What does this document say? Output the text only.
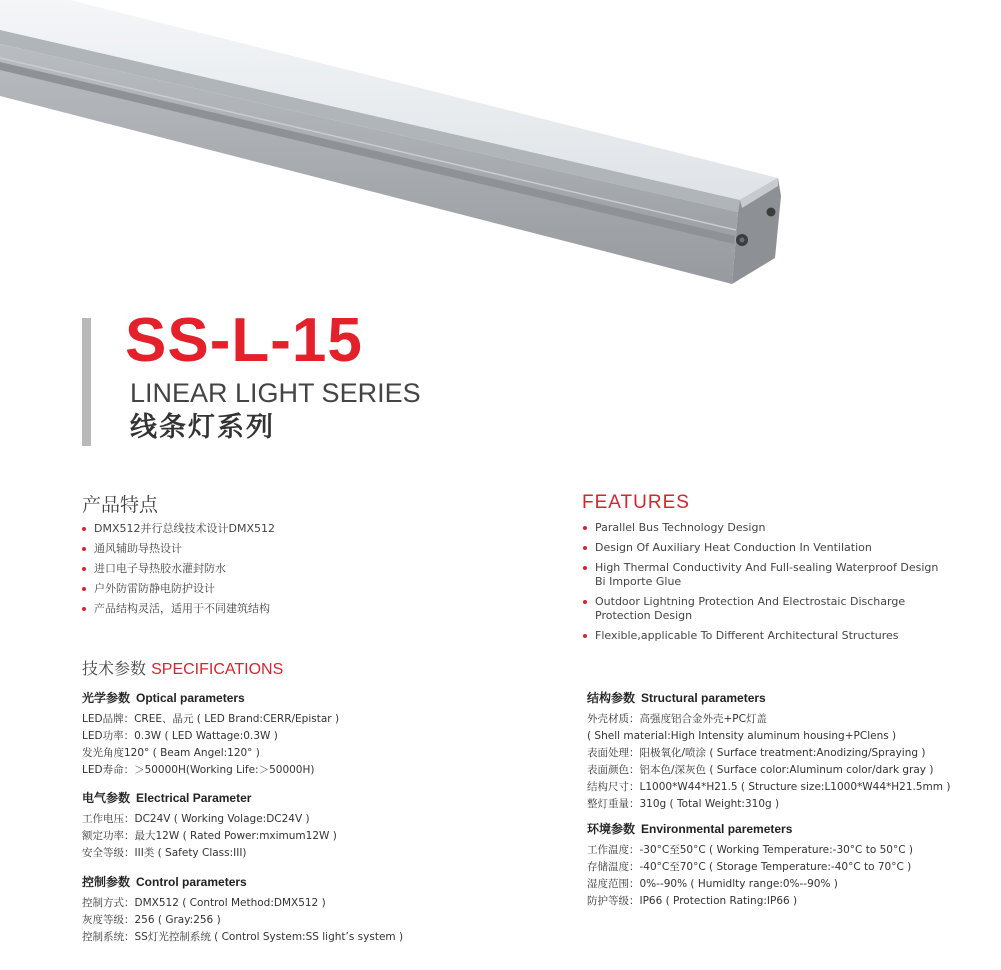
SS-L-15
LINEAR LIGHT SERIES
线条灯系列
产品特点
DMX512并行总线技术设计DMX512
通风辅助导热设计
进口电子导热胶水灌封防水
户外防雷防静电防护设计
产品结构灵活，适用于不同建筑结构
FEATURES
Parallel Bus Technology Design
Design Of Auxiliary Heat Conduction In Ventilation
High Thermal Conductivity And Full-sealing Waterproof Design Bi Importe Glue
Outdoor Lightning Protection And Electrostaic Discharge Protection Design
Flexible,applicable To Different Architectural Structures
技术参数 SPECIFICATIONS
光学参数 Optical parameters
LED品牌：CREE、晶元 ( LED Brand:CERR/Epistar )
LED功率：0.3W ( LED Wattage:0.3W )
发光角度120° ( Beam Angel:120° )
LED寿命：＞50000H(Working Life:＞50000H)
电气参数 Electrical Parameter
工作电压：DC24V ( Working Volage:DC24V )
额定功率：最大12W ( Rated Power:mximum12W )
安全等级：III类 ( Safety Class:III)
控制参数 Control parameters
控制方式：DMX512 ( Control Method:DMX512 )
灰度等级：256 ( Gray:256 )
控制系统：SS灯光控制系统 ( Control System:SS light’s system )
结构参数 Structural parameters
外壳材质：高强度铝合金外壳+PC灯盖
( Shell material:High Intensity aluminum housing+PClens )
表面处理：阳极氧化/喷涂 ( Surface treatment:Anodizing/Spraying )
表面颜色：铝本色/深灰色 ( Surface color:Aluminum color/dark gray )
结构尺寸：L1000*W44*H21.5 ( Structure size:L1000*W44*H21.5mm )
整灯重量：310g ( Total Weight:310g )
环境参数 Environmental paremeters
工作温度：-30°C至50°C ( Working Temperature:-30°C to 50°C )
存储温度：-40°C至70°C ( Storage Temperature:-40°C to 70°C )
湿度范围：0%--90% ( Humidlty range:0%--90% )
防护等级：IP66 ( Protection Rating:IP66 )
